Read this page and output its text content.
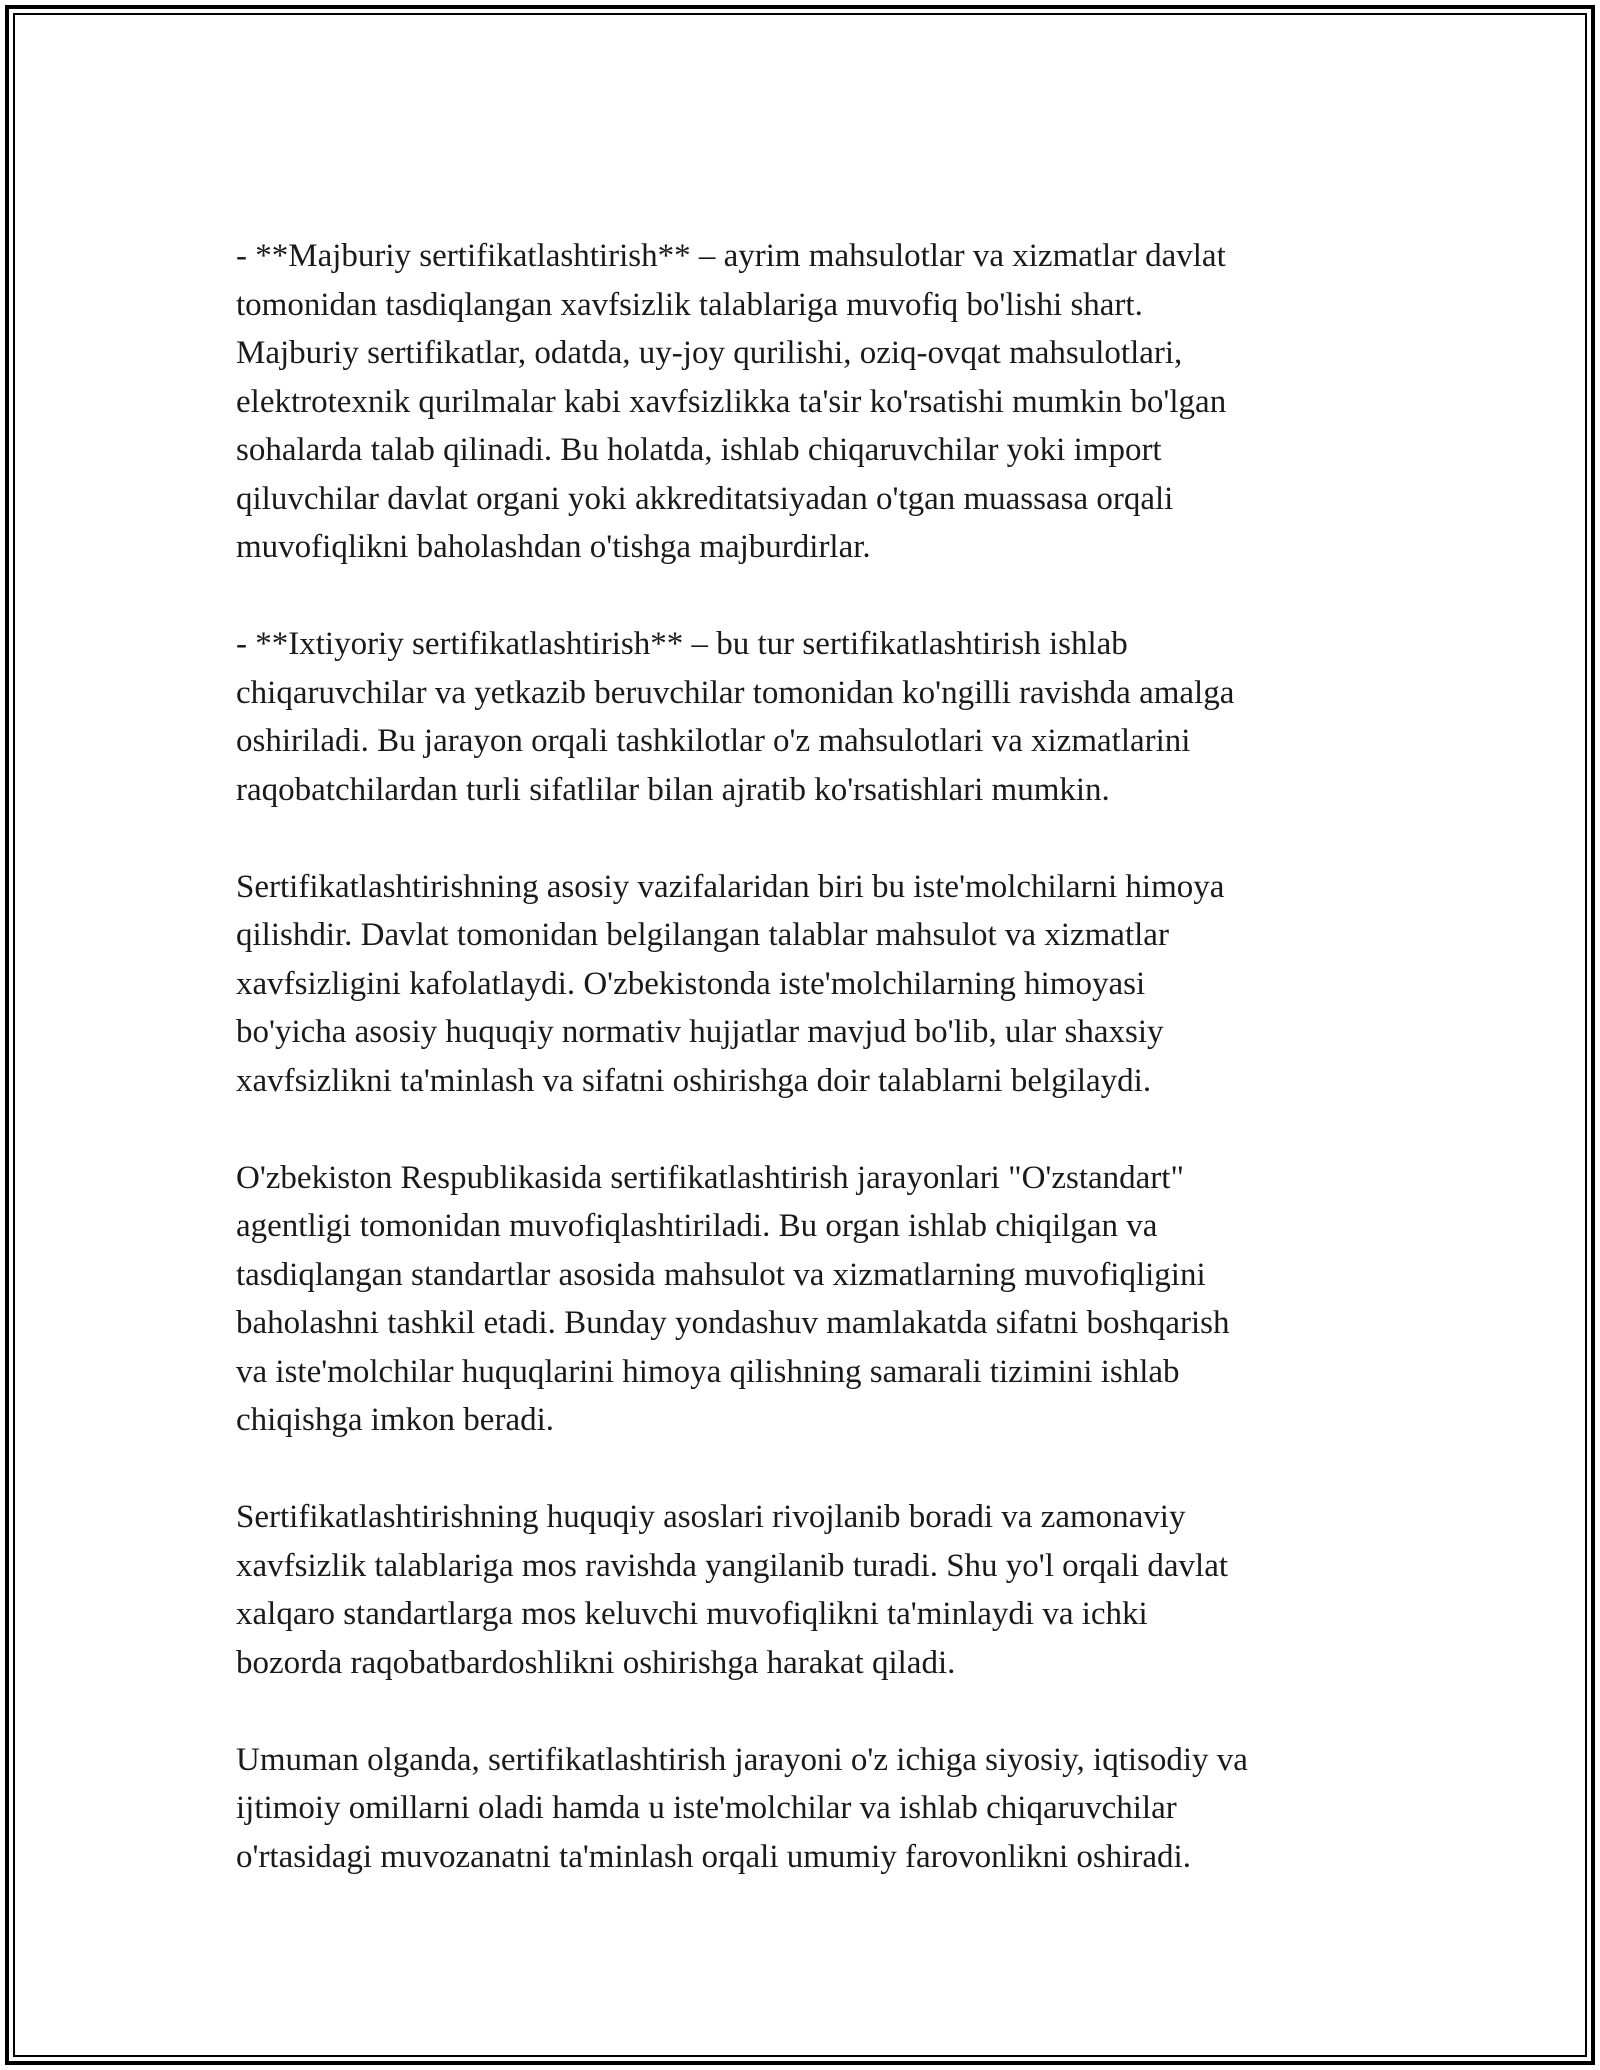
- **Majburiy sertifikatlashtirish** – ayrim mahsulotlar va xizmatlar davlat
tomonidan tasdiqlangan xavfsizlik talablariga muvofiq bo'lishi shart.
Majburiy sertifikatlar, odatda, uy-joy qurilishi, oziq-ovqat mahsulotlari,
elektrotexnik qurilmalar kabi xavfsizlikka ta'sir ko'rsatishi mumkin bo'lgan
sohalarda talab qilinadi. Bu holatda, ishlab chiqaruvchilar yoki import
qiluvchilar davlat organi yoki akkreditatsiyadan o'tgan muassasa orqali
muvofiqlikni baholashdan o'tishga majburdirlar.

- **Ixtiyoriy sertifikatlashtirish** – bu tur sertifikatlashtirish ishlab
chiqaruvchilar va yetkazib beruvchilar tomonidan ko'ngilli ravishda amalga
oshiriladi. Bu jarayon orqali tashkilotlar o'z mahsulotlari va xizmatlarini
raqobatchilardan turli sifatlilar bilan ajratib ko'rsatishlari mumkin.

Sertifikatlashtirishning asosiy vazifalaridan biri bu iste'molchilarni himoya
qilishdir. Davlat tomonidan belgilangan talablar mahsulot va xizmatlar
xavfsizligini kafolatlaydi. O'zbekistonda iste'molchilarning himoyasi
bo'yicha asosiy huquqiy normativ hujjatlar mavjud bo'lib, ular shaxsiy
xavfsizlikni ta'minlash va sifatni oshirishga doir talablarni belgilaydi.

O'zbekiston Respublikasida sertifikatlashtirish jarayonlari "O'zstandart"
agentligi tomonidan muvofiqlashtiriladi. Bu organ ishlab chiqilgan va
tasdiqlangan standartlar asosida mahsulot va xizmatlarning muvofiqligini
baholashni tashkil etadi. Bunday yondashuv mamlakatda sifatni boshqarish
va iste'molchilar huquqlarini himoya qilishning samarali tizimini ishlab
chiqishga imkon beradi.

Sertifikatlashtirishning huquqiy asoslari rivojlanib boradi va zamonaviy
xavfsizlik talablariga mos ravishda yangilanib turadi. Shu yo'l orqali davlat
xalqaro standartlarga mos keluvchi muvofiqlikni ta'minlaydi va ichki
bozorda raqobatbardoshlikni oshirishga harakat qiladi.

Umuman olganda, sertifikatlashtirish jarayoni o'z ichiga siyosiy, iqtisodiy va
ijtimoiy omillarni oladi hamda u iste'molchilar va ishlab chiqaruvchilar
o'rtasidagi muvozanatni ta'minlash orqali umumiy farovonlikni oshiradi.
